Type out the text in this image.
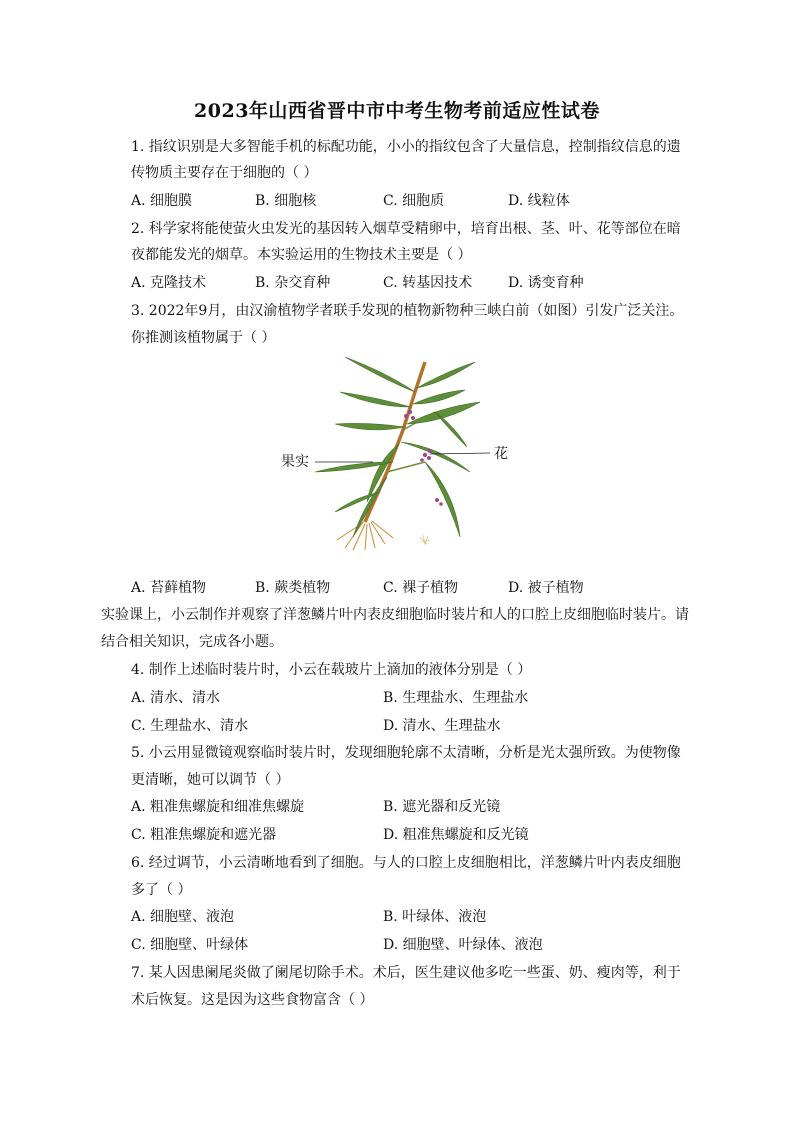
2023年山西省晋中市中考生物考前适应性试卷
1. 指纹识别是大多智能手机的标配功能，小小的指纹包含了大量信息，控制指纹信息的遗
传物质主要存在于细胞的（ ）
A. 细胞膜	B. 细胞核	C. 细胞质	D. 线粒体
2. 科学家将能使萤火虫发光的基因转入烟草受精卵中，培育出根、茎、叶、花等部位在暗
夜都能发光的烟草。本实验运用的生物技术主要是（ ）
A. 克隆技术	B. 杂交育种	C. 转基因技术	D. 诱变育种
3. 2022年9月，由汉渝植物学者联手发现的植物新物种三峡白前（如图）引发广泛关注。
你推测该植物属于（ ）
果实	花
A. 苔藓植物	B. 蕨类植物	C. 裸子植物	D. 被子植物
实验课上，小云制作并观察了洋葱鳞片叶内表皮细胞临时装片和人的口腔上皮细胞临时装片。请
结合相关知识，完成各小题。
4. 制作上述临时装片时，小云在载玻片上滴加的液体分别是（ ）
A. 清水、清水	B. 生理盐水、生理盐水
C. 生理盐水、清水	D. 清水、生理盐水
5. 小云用显微镜观察临时装片时，发现细胞轮廓不太清晰，分析是光太强所致。为使物像
更清晰，她可以调节（ ）
A. 粗准焦螺旋和细准焦螺旋	B. 遮光器和反光镜
C. 粗准焦螺旋和遮光器	D. 粗准焦螺旋和反光镜
6. 经过调节，小云清晰地看到了细胞。与人的口腔上皮细胞相比，洋葱鳞片叶内表皮细胞
多了（ ）
A. 细胞壁、液泡	B. 叶绿体、液泡
C. 细胞壁、叶绿体	D. 细胞壁、叶绿体、液泡
7. 某人因患阑尾炎做了阑尾切除手术。术后，医生建议他多吃一些蛋、奶、瘦肉等，利于
术后恢复。这是因为这些食物富含（ ）
